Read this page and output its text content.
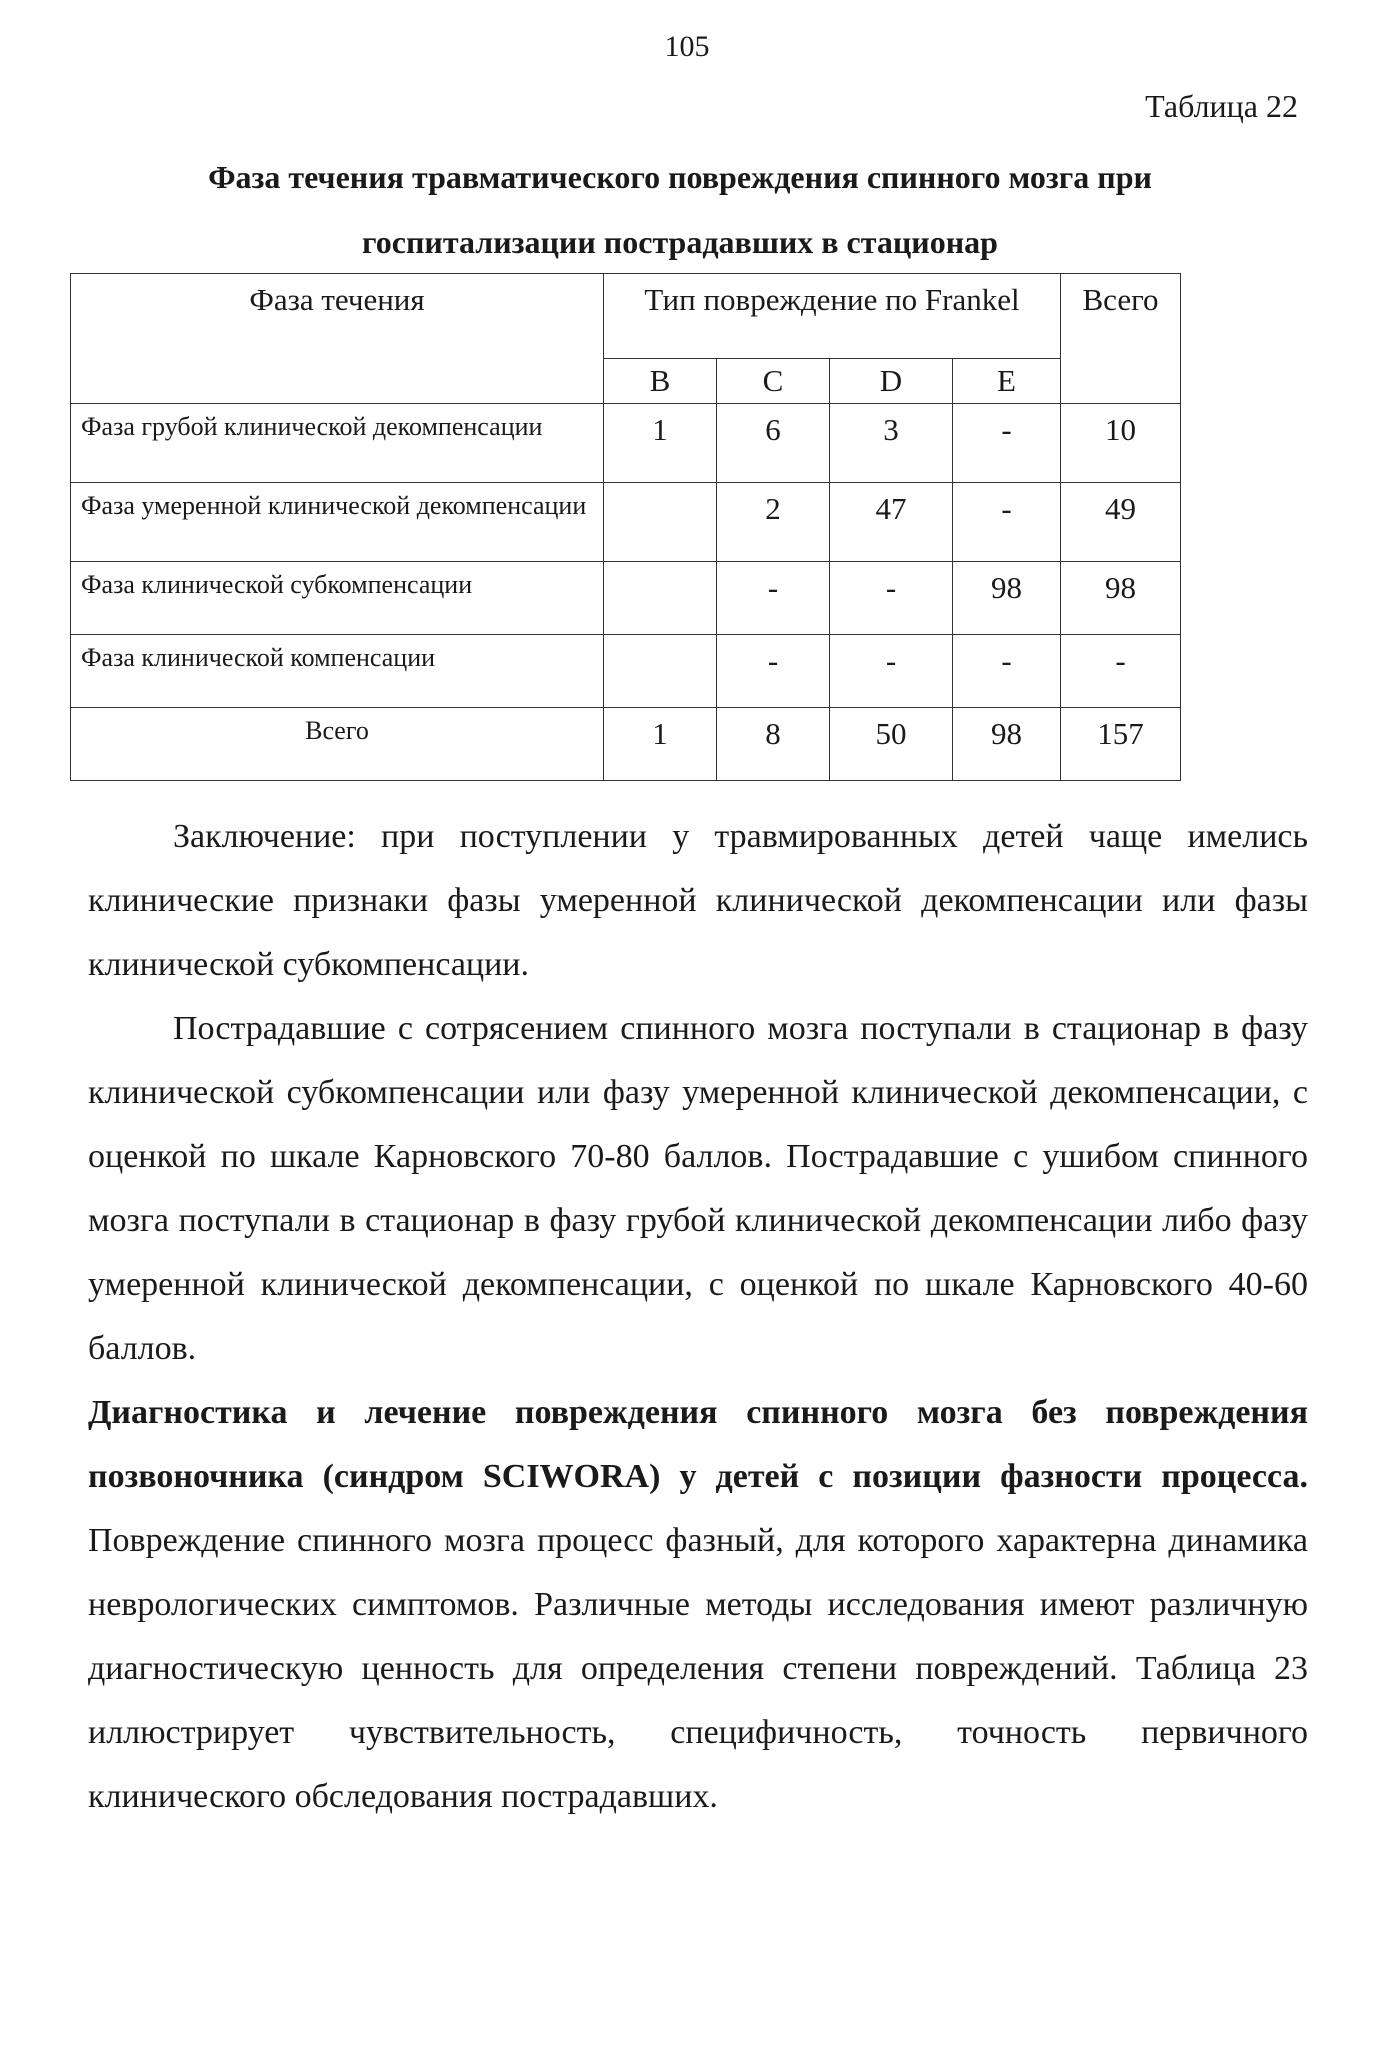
105
Таблица 22
Фаза течения травматического повреждения спинного мозга при госпитализации пострадавших в стационар
Фаза течения	Тип повреждение по Frankel				Всего
	B	C	D	E	
Фаза грубой клинической декомпенсации	1	6	3	-	10
Фаза умеренной клинической декомпенсации		2	47	-	49
Фаза клинической субкомпенсации		-	-	98	98
Фаза клинической компенсации		-	-	-	-
Всего	1	8	50	98	157

Заключение: при поступлении у травмированных детей чаще имелись клинические признаки фазы умеренной клинической декомпенсации или фазы клинической субкомпенсации.

Пострадавшие с сотрясением спинного мозга поступали в стационар в фазу клинической субкомпенсации или фазу умеренной клинической декомпенсации, с оценкой по шкале Карновского 70-80 баллов. Пострадавшие с ушибом спинного мозга поступали в стационар в фазу грубой клинической декомпенсации либо фазу умеренной клинической декомпенсации, с оценкой по шкале Карновского 40-60 баллов.

Диагностика и лечение повреждения спинного мозга без повреждения позвоночника (синдром SCIWORA) у детей с позиции фазности процесса. Повреждение спинного мозга процесс фазный, для которого характерна динамика неврологических симптомов. Различные методы исследования имеют различную диагностическую ценность для определения степени повреждений. Таблица 23 иллюстрирует чувствительность, специфичность, точность первичного клинического обследования пострадавших.
